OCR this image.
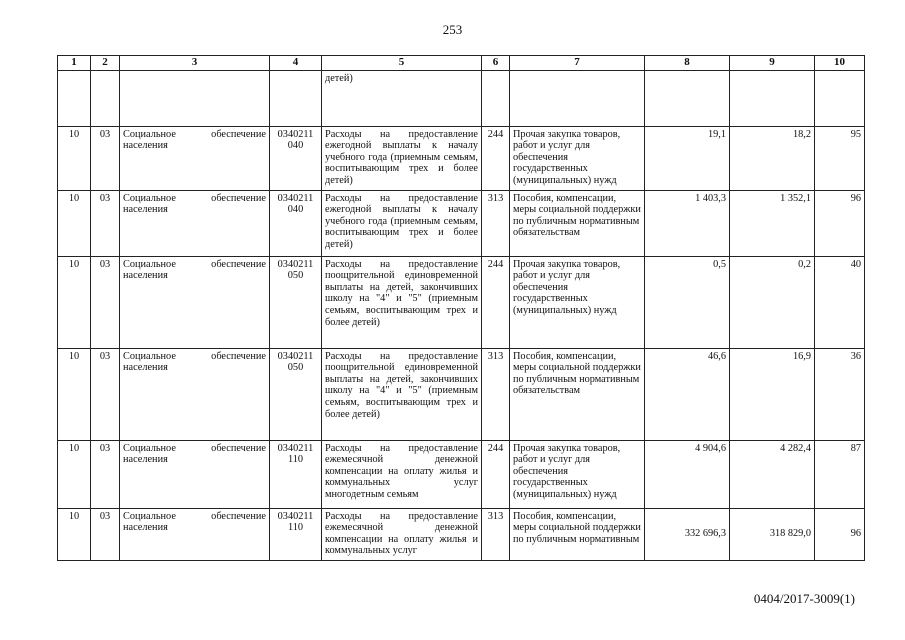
253
1	2	3	4	5	6	7	8	9	10
				детей)					
10	03	Социальное обеспечение населения	0340211 040	Расходы на предоставление ежегодной выплаты к началу учебного года (приемным семьям, воспитывающим трех и более детей)	244	Прочая закупка товаров, работ и услуг для обеспечения государственных (муниципальных) нужд	19,1	18,2	95
10	03	Социальное обеспечение населения	0340211 040	Расходы на предоставление ежегодной выплаты к началу учебного года (приемным семьям, воспитывающим трех и более детей)	313	Пособия, компенсации, меры социальной поддержки по публичным нормативным обязательствам	1 403,3	1 352,1	96
10	03	Социальное обеспечение населения	0340211 050	Расходы на предоставление поощрительной единовременной выплаты на детей, закончивших школу на "4" и "5" (приемным семьям, воспитывающим трех и более детей)	244	Прочая закупка товаров, работ и услуг для обеспечения государственных (муниципальных) нужд	0,5	0,2	40
10	03	Социальное обеспечение населения	0340211 050	Расходы на предоставление поощрительной единовременной выплаты на детей, закончивших школу на "4" и "5" (приемным семьям, воспитывающим трех и более детей)	313	Пособия, компенсации, меры социальной поддержки по публичным нормативным обязательствам	46,6	16,9	36
10	03	Социальное обеспечение населения	0340211 110	Расходы на предоставление ежемесячной денежной компенсации на оплату жилья и коммунальных услуг многодетным семьям	244	Прочая закупка товаров, работ и услуг для обеспечения государственных (муниципальных) нужд	4 904,6	4 282,4	87
10	03	Социальное обеспечение населения	0340211 110	Расходы на предоставление ежемесячной денежной компенсации на оплату жилья и коммунальных услуг	313	Пособия, компенсации, меры социальной поддержки по публичным нормативным	332 696,3	318 829,0	96
0404/2017-3009(1)
